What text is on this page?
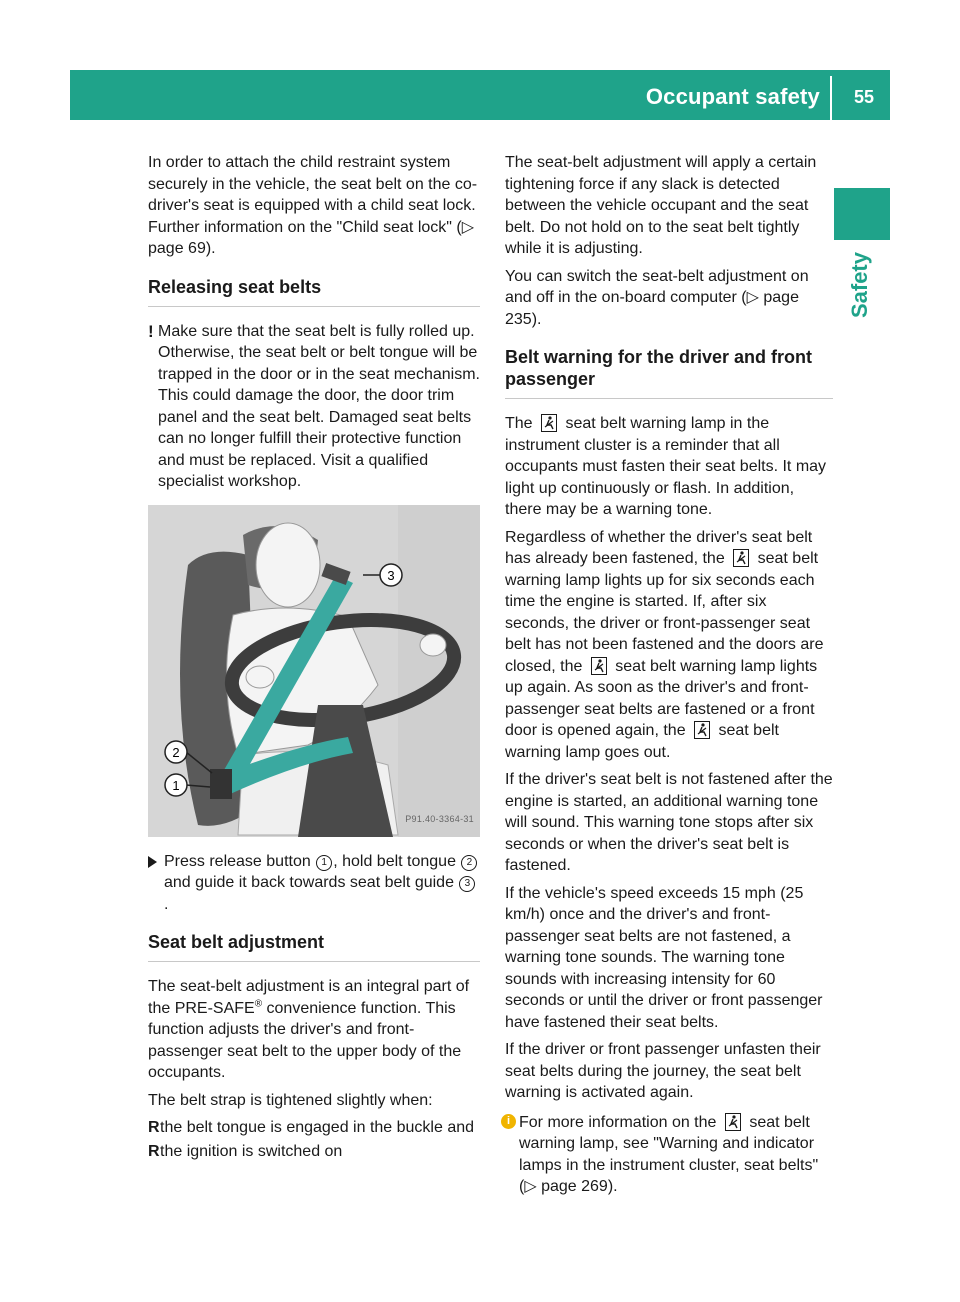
Occupant safety	55
Safety

In order to attach the child restraint system securely in the vehicle, the seat belt on the co-driver's seat is equipped with a child seat lock. Further information on the "Child seat lock" (▷ page 69).

Releasing seat belts
! Make sure that the seat belt is fully rolled up. Otherwise, the seat belt or belt tongue will be trapped in the door or in the seat mechanism. This could damage the door, the door trim panel and the seat belt. Damaged seat belts can no longer fulfill their protective function and must be replaced. Visit a qualified specialist workshop.
3
2
1
P91.40-3364-31
Press release button 1 , hold belt tongue 2 and guide it back towards seat belt guide 3.
Seat belt adjustment

The seat-belt adjustment is an integral part of the PRE-SAFE® convenience function. This function adjusts the driver's and front-passenger seat belt to the upper body of the occupants.

The belt strap is tightened slightly when:

R the belt tongue is engaged in the buckle and
R the ignition is switched on

The seat-belt adjustment will apply a certain tightening force if any slack is detected between the vehicle occupant and the seat belt. Do not hold on to the seat belt tightly while it is adjusting.

You can switch the seat-belt adjustment on and off in the on-board computer (▷ page 235).

Belt warning for the driver and front passenger

The  seat belt warning lamp in the instrument cluster is a reminder that all occupants must fasten their seat belts. It may light up continuously or flash. In addition, there may be a warning tone.

Regardless of whether the driver's seat belt has already been fastened, the  seat belt warning lamp lights up for six seconds each time the engine is started. If, after six seconds, the driver or front-passenger seat belt has not been fastened and the doors are closed, the  seat belt warning lamp lights up again. As soon as the driver's and front-passenger seat belts are fastened or a front door is opened again, the  seat belt warning lamp goes out.

If the driver's seat belt is not fastened after the engine is started, an additional warning tone will sound. This warning tone stops after six seconds or when the driver's seat belt is fastened.

If the vehicle's speed exceeds 15 mph (25 km/h) once and the driver's and front-passenger seat belts are not fastened, a warning tone sounds. The warning tone sounds with increasing intensity for 60 seconds or until the driver or front passenger have fastened their seat belts.

If the driver or front passenger unfasten their seat belts during the journey, the seat belt warning is activated again.

i For more information on the  seat belt warning lamp, see "Warning and indicator lamps in the instrument cluster, seat belts" (▷ page 269).
